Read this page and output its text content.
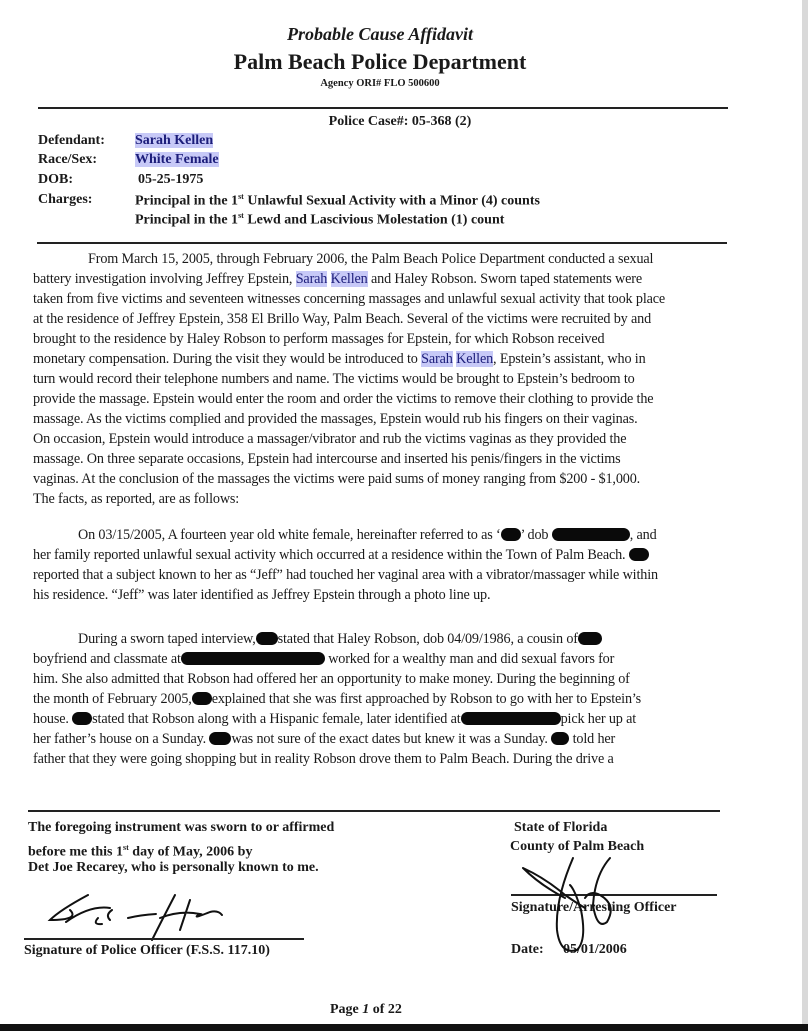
Probable Cause Affidavit
Palm Beach Police Department
Agency ORI# FLO 500600
Police Case#: 05-368 (2)
Defendant: Sarah Kellen
Race/Sex:	White Female
DOB:	05-25-1975
Charges:	Principal in the 1st Unlawful Sexual Activity with a Minor (4) counts
Principal in the 1st Lewd and Lascivious Molestation (1) count
From March 15, 2005, through February 2006, the Palm Beach Police Department conducted a sexual
battery investigation involving Jeffrey Epstein, Sarah Kellen and Haley Robson. Sworn taped statements were
taken from five victims and seventeen witnesses concerning massages and unlawful sexual activity that took place
at the residence of Jeffrey Epstein, 358 El Brillo Way, Palm Beach. Several of the victims were recruited by and
brought to the residence by Haley Robson to perform massages for Epstein, for which Robson received
monetary compensation. During the visit they would be introduced to Sarah Kellen, Epstein’s assistant, who in
turn would record their telephone numbers and name. The victims would be brought to Epstein’s bedroom to
provide the massage. Epstein would enter the room and order the victims to remove their clothing to provide the
massage. As the victims complied and provided the massages, Epstein would rub his fingers on their vaginas.
On occasion, Epstein would introduce a massager/vibrator and rub the victims vaginas as they provided the
massage. On three separate occasions, Epstein had intercourse and inserted his penis/fingers in the victims
vaginas. At the conclusion of the massages the victims were paid sums of money ranging from $200 - $1,000.
The facts, as reported, are as follows:
On 03/15/2005, A fourteen year old white female, hereinafter referred to as ‘ ’ dob	, and
her family reported unlawful sexual activity which occurred at a residence within the Town of Palm Beach.
reported that a subject known to her as “Jeff” had touched her vaginal area with a vibrator/massager while within
his residence. “Jeff” was later identified as Jeffrey Epstein through a photo line up.
During a sworn taped interview, stated that Haley Robson, dob 04/09/1986, a cousin of
boyfriend and classmate at	worked for a wealthy man and did sexual favors for
him. She also admitted that Robson had offered her an opportunity to make money. During the beginning of
the month of February 2005, explained that she was first approached by Robson to go with her to Epstein’s
house. stated that Robson along with a Hispanic female, later identified at	pick her up at
her father’s house on a Sunday. was not sure of the exact dates but knew it was a Sunday.  told her
father that they were going shopping but in reality Robson drove them to Palm Beach. During the drive a
The foregoing instrument was sworn to or affirmed
before me this 1st day of May, 2006 by
Det Joe Recarey, who is personally known to me.
Signature of Police Officer (F.S.S. 117.10)
State of Florida
County of Palm Beach
Signature/Arresting Officer
Date: 05/01/2006
Page 1 of 22
